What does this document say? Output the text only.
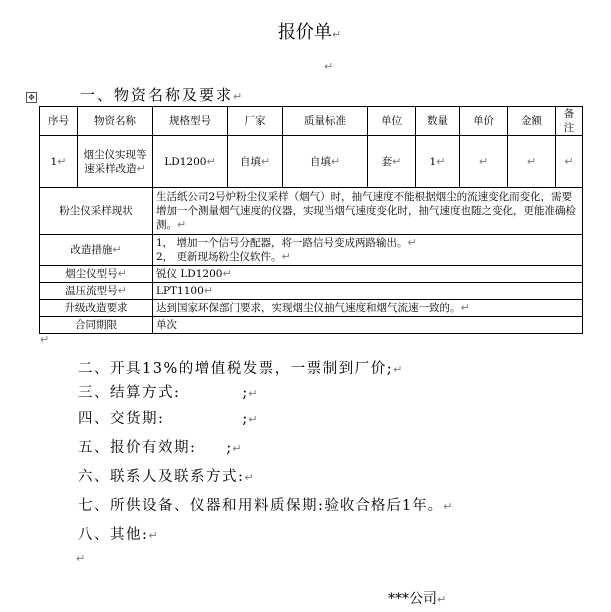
报价单↵
↵
✥	一、物资名称及要求↵
序号	物资名称	规格型号	厂家	质量标准	单位	数量	单价	金额	备注
1↵	烟尘仪实现等速采样改造↵	LD1200↵	自填↵	自填↵	套↵	1↵	↵	↵	↵
粉尘仪采样现状		生活纸公司2号炉粉尘仪采样（烟气）时，抽气速度不能根据烟尘的流速变化而变化，需要增加一个测量烟气速度的仪器，实现当烟气速度变化时，抽气速度也随之变化，更能准确检测。↵							
改造措施↵		1， 增加一个信号分配器，将一路信号变成两路输出。↵
2， 更新现场粉尘仪软件。↵							
烟尘仪型号↵		锐仪 LD1200↵							
温压流型号↵		LPT1100↵							
升级改造要求		达到国家环保部门要求，实现烟尘仪抽气速度和烟气流速一致的。↵							
合同期限		单次							
↵
二、开具13%的增值税发票，一票制到厂价;↵
三、结算方式:	;↵
四、交货期:	;↵
五、报价有效期: ;↵
六、联系人及联系方式:↵
七、所供设备、仪器和用料质保期:验收合格后1年。↵
八、其他:↵
↵
***公司↵
